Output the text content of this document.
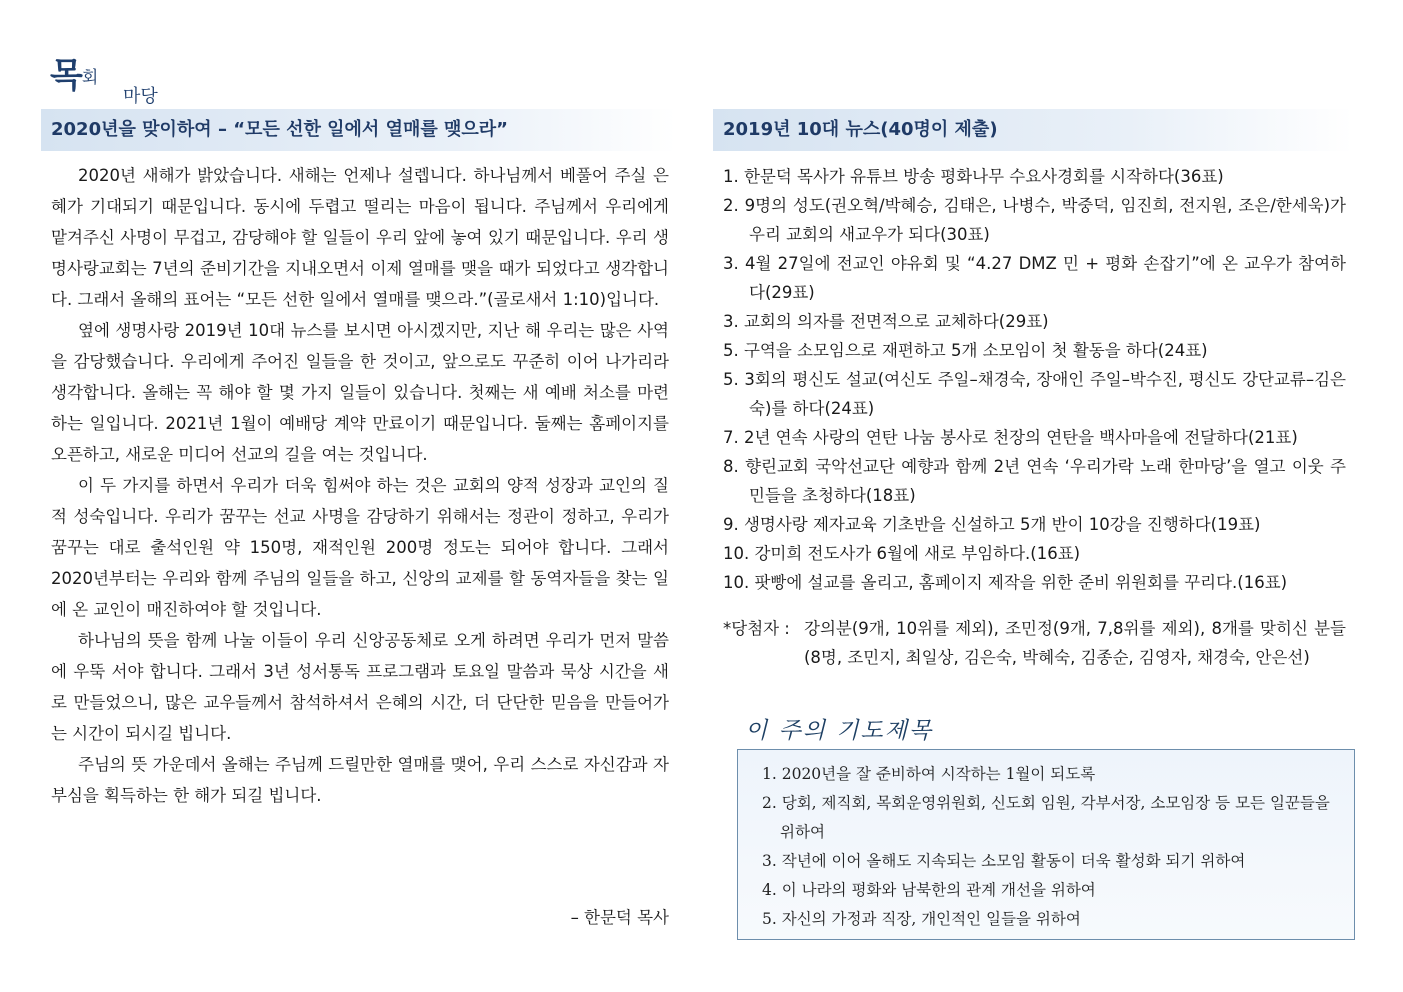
목회
마당
2020년을 맞이하여 – “모든 선한 일에서 열매를 맺으라”	2019년 10대 뉴스(40명이 제출)

2020년 새해가 밝았습니다. 새해는 언제나 설렙니다. 하나님께서 베풀어 주실 은혜가 기대되기 때문입니다. 동시에 두렵고 떨리는 마음이 됩니다. 주님께서 우리에게 맡겨주신 사명이 무겁고, 감당해야 할 일들이 우리 앞에 놓여 있기 때문입니다. 우리 생명사랑교회는 7년의 준비기간을 지내오면서 이제 열매를 맺을 때가 되었다고 생각합니다. 그래서 올해의 표어는 “모든 선한 일에서 열매를 맺으라.”(골로새서 1:10)입니다.

옆에 생명사랑 2019년 10대 뉴스를 보시면 아시겠지만, 지난 해 우리는 많은 사역을 감당했습니다. 우리에게 주어진 일들을 한 것이고, 앞으로도 꾸준히 이어 나가리라 생각합니다. 올해는 꼭 해야 할 몇 가지 일들이 있습니다. 첫째는 새 예배 처소를 마련하는 일입니다. 2021년 1월이 예배당 계약 만료이기 때문입니다. 둘째는 홈페이지를 오픈하고, 새로운 미디어 선교의 길을 여는 것입니다.

이 두 가지를 하면서 우리가 더욱 힘써야 하는 것은 교회의 양적 성장과 교인의 질적 성숙입니다. 우리가 꿈꾸는 선교 사명을 감당하기 위해서는 정관이 정하고, 우리가 꿈꾸는 대로 출석인원 약 150명, 재적인원 200명 정도는 되어야 합니다. 그래서 2020년부터는 우리와 함께 주님의 일들을 하고, 신앙의 교제를 할 동역자들을 찾는 일에 온 교인이 매진하여야 할 것입니다.

하나님의 뜻을 함께 나눌 이들이 우리 신앙공동체로 오게 하려면 우리가 먼저 말씀에 우뚝 서야 합니다. 그래서 3년 성서통독 프로그램과 토요일 말씀과 묵상 시간을 새로 만들었으니, 많은 교우들께서 참석하셔서 은혜의 시간, 더 단단한 믿음을 만들어가는 시간이 되시길 빕니다.

주님의 뜻 가운데서 올해는 주님께 드릴만한 열매를 맺어, 우리 스스로 자신감과 자부심을 획득하는 한 해가 되길 빕니다.

– 한문덕 목사
1. 한문덕 목사가 유튜브 방송 평화나무 수요사경회를 시작하다(36표)
2. 9명의 성도(권오혁/박혜승, 김태은, 나병수, 박중덕, 임진희, 전지원, 조은/한세욱)가 우리 교회의 새교우가 되다(30표)
3. 4월 27일에 전교인 야유회 및 “4.27 DMZ 민 + 평화 손잡기”에 온 교우가 참여하다(29표)
3. 교회의 의자를 전면적으로 교체하다(29표)
5. 구역을 소모임으로 재편하고 5개 소모임이 첫 활동을 하다(24표)
5. 3회의 평신도 설교(여신도 주일–채경숙, 장애인 주일–박수진, 평신도 강단교류–김은숙)를 하다(24표)
7. 2년 연속 사랑의 연탄 나눔 봉사로 천장의 연탄을 백사마을에 전달하다(21표)
8. 향린교회 국악선교단 예향과 함께 2년 연속 ‘우리가락 노래 한마당’을 열고 이웃 주민들을 초청하다(18표)
9. 생명사랑 제자교육 기초반을 신설하고 5개 반이 10강을 진행하다(19표)
10. 강미희 전도사가 6월에 새로 부임하다.(16표)
10. 팟빵에 설교를 올리고, 홈페이지 제작을 위한 준비 위원회를 꾸리다.(16표)
*당첨자 : 강의분(9개, 10위를 제외), 조민정(9개, 7,8위를 제외), 8개를 맞히신 분들(8명, 조민지, 최일상, 김은숙, 박혜숙, 김종순, 김영자, 채경숙, 안은선)
이 주의 기도제목
1. 2020년을 잘 준비하여 시작하는 1월이 되도록
2. 당회, 제직회, 목회운영위원회, 신도회 임원, 각부서장, 소모임장 등 모든 일꾼들을 위하여
3. 작년에 이어 올해도 지속되는 소모임 활동이 더욱 활성화 되기 위하여
4. 이 나라의 평화와 남북한의 관계 개선을 위하여
5. 자신의 가정과 직장, 개인적인 일들을 위하여
